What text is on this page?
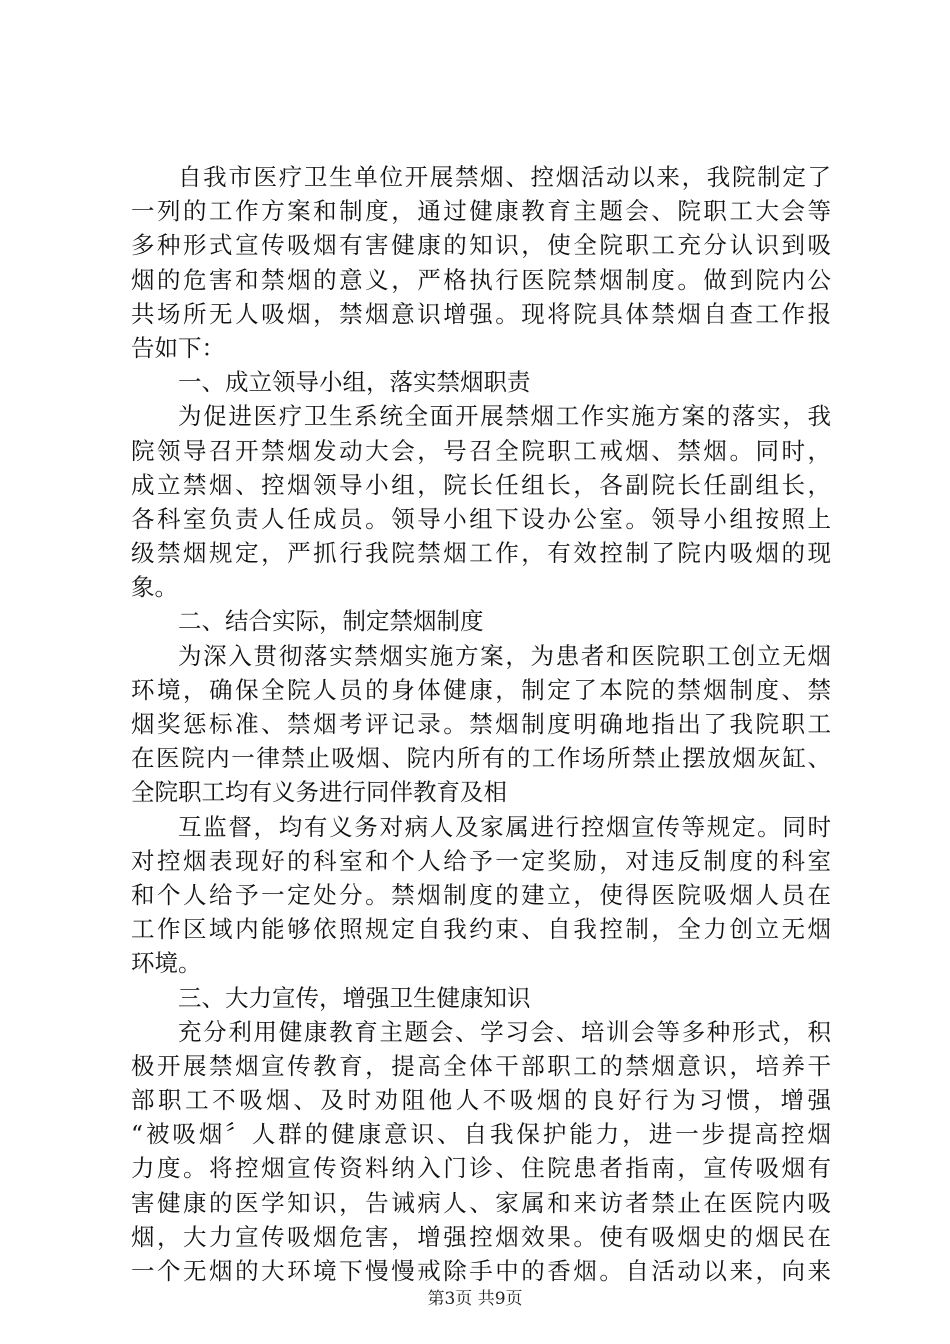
自我市医疗卫生单位开展禁烟、控烟活动以来，我院制定了
一列的工作方案和制度，通过健康教育主题会、院职工大会等
多种形式宣传吸烟有害健康的知识，使全院职工充分认识到吸
烟的危害和禁烟的意义，严格执行医院禁烟制度。做到院内公
共场所无人吸烟，禁烟意识增强。现将院具体禁烟自查工作报
告如下：
一、成立领导小组，落实禁烟职责
为促进医疗卫生系统全面开展禁烟工作实施方案的落实，我
院领导召开禁烟发动大会，号召全院职工戒烟、禁烟。同时，
成立禁烟、控烟领导小组，院长任组长，各副院长任副组长，
各科室负责人任成员。领导小组下设办公室。领导小组按照上
级禁烟规定，严抓行我院禁烟工作，有效控制了院内吸烟的现
象。
二、结合实际，制定禁烟制度
为深入贯彻落实禁烟实施方案，为患者和医院职工创立无烟
环境，确保全院人员的身体健康，制定了本院的禁烟制度、禁
烟奖惩标准、禁烟考评记录。禁烟制度明确地指出了我院职工
在医院内一律禁止吸烟、院内所有的工作场所禁止摆放烟灰缸、
全院职工均有义务进行同伴教育及相
互监督，均有义务对病人及家属进行控烟宣传等规定。同时
对控烟表现好的科室和个人给予一定奖励，对违反制度的科室
和个人给予一定处分。禁烟制度的建立，使得医院吸烟人员在
工作区域内能够依照规定自我约束、自我控制，全力创立无烟
环境。
三、大力宣传，增强卫生健康知识
充分利用健康教育主题会、学习会、培训会等多种形式，积
极开展禁烟宣传教育，提高全体干部职工的禁烟意识，培养干
部职工不吸烟、及时劝阻他人不吸烟的良好行为习惯，增强
“被吸烟〞人群的健康意识、自我保护能力，进一步提高控烟
力度。将控烟宣传资料纳入门诊、住院患者指南，宣传吸烟有
害健康的医学知识，告诫病人、家属和来访者禁止在医院内吸
烟，大力宣传吸烟危害，增强控烟效果。使有吸烟史的烟民在
一个无烟的大环境下慢慢戒除手中的香烟。自活动以来，向来
第3页 共9页
